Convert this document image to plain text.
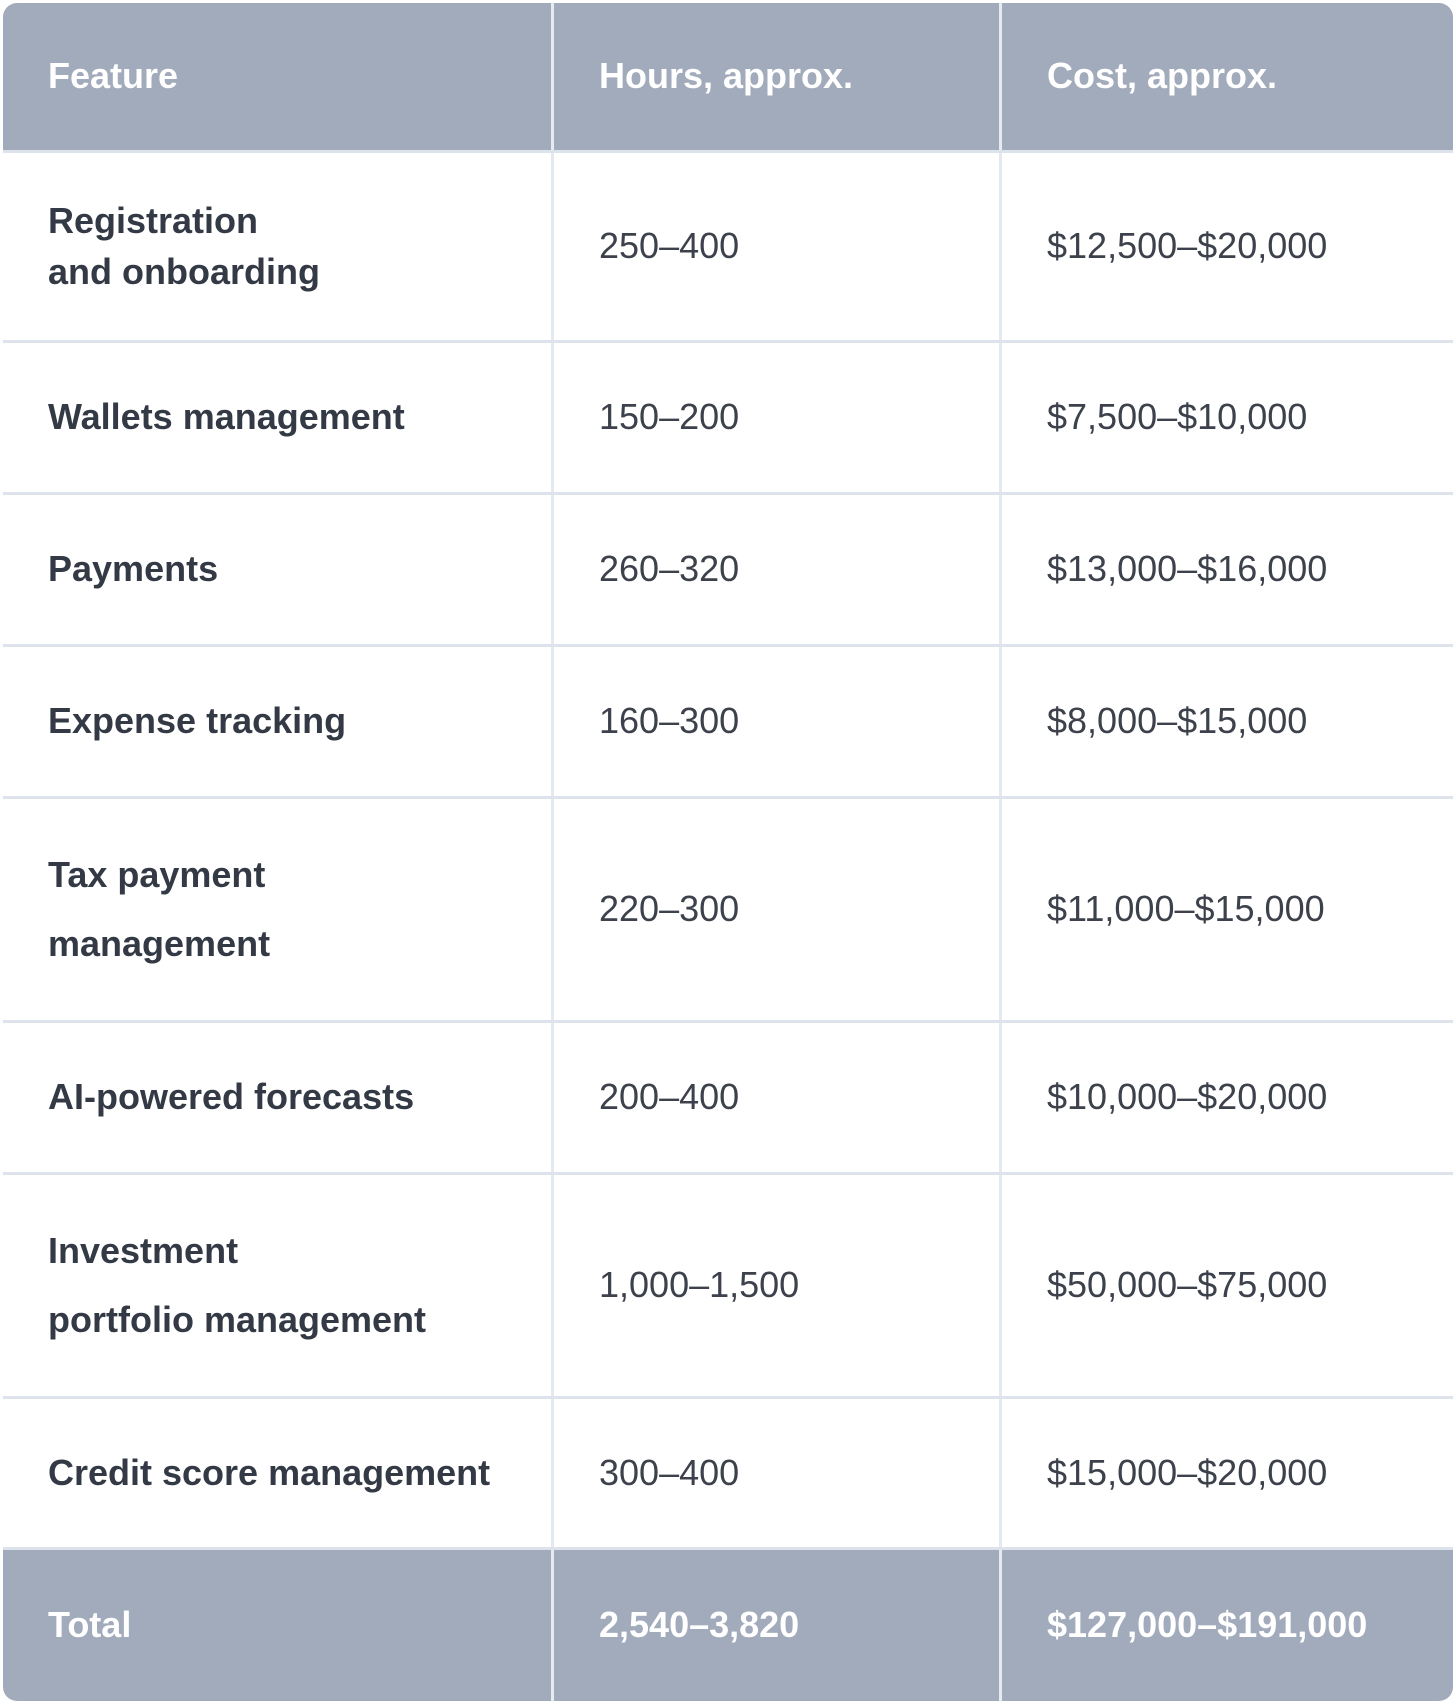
Feature	Hours, approx.	Cost, approx.
Registration
and onboarding
250–400	$12,500–$20,000
Wallets management	150–200	$7,500–$10,000
Payments	260–320	$13,000–$16,000
Expense tracking	160–300	$8,000–$15,000
Tax payment
management
220–300	$11,000–$15,000
AI-powered forecasts	200–400	$10,000–$20,000
Investment
portfolio management
1,000–1,500	$50,000–$75,000
Credit score management	300–400	$15,000–$20,000
Total	2,540–3,820	$127,000–$191,000
